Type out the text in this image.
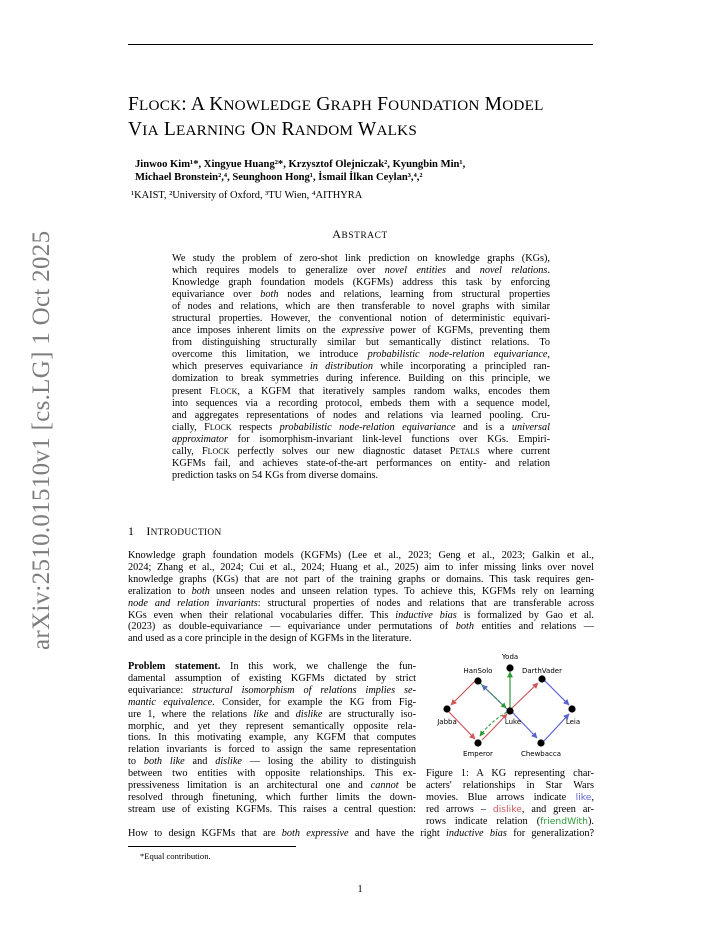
arXiv:2510.01510v1 [cs.LG] 1 Oct 2025
FLOCK: A KNOWLEDGE GRAPH FOUNDATION MODEL
VIA LEARNING ON RANDOM WALKS
Jinwoo Kim¹*, Xingyue Huang²*, Krzysztof Olejniczak², Kyungbin Min¹,
Michael Bronstein²,⁴, Seunghoon Hong¹, İsmail İlkan Ceylan³,⁴,²
¹KAIST, ²University of Oxford, ³TU Wien, ⁴AITHYRA
ABSTRACT
We study the problem of zero-shot link prediction on knowledge graphs (KGs),
which requires models to generalize over novel entities and novel relations.
Knowledge graph foundation models (KGFMs) address this task by enforcing
equivariance over both nodes and relations, learning from structural properties
of nodes and relations, which are then transferable to novel graphs with similar
structural properties. However, the conventional notion of deterministic equivari-
ance imposes inherent limits on the expressive power of KGFMs, preventing them
from distinguishing structurally similar but semantically distinct relations. To
overcome this limitation, we introduce probabilistic node-relation equivariance,
which preserves equivariance in distribution while incorporating a principled ran-
domization to break symmetries during inference. Building on this principle, we
present FLOCK, a KGFM that iteratively samples random walks, encodes them
into sequences via a recording protocol, embeds them with a sequence model,
and aggregates representations of nodes and relations via learned pooling. Cru-
cially, FLOCK respects probabilistic node-relation equivariance and is a universal
approximator for isomorphism-invariant link-level functions over KGs. Empiri-
cally, FLOCK perfectly solves our new diagnostic dataset PETALS where current
KGFMs fail, and achieves state-of-the-art performances on entity- and relation
prediction tasks on 54 KGs from diverse domains.
1 INTRODUCTION
Knowledge graph foundation models (KGFMs) (Lee et al., 2023; Geng et al., 2023; Galkin et al.,
2024; Zhang et al., 2024; Cui et al., 2024; Huang et al., 2025) aim to infer missing links over novel
knowledge graphs (KGs) that are not part of the training graphs or domains. This task requires gen-
eralization to both unseen nodes and unseen relation types. To achieve this, KGFMs rely on learning
node and relation invariants: structural properties of nodes and relations that are transferable across
KGs even when their relational vocabularies differ. This inductive bias is formalized by Gao et al.
(2023) as double-equivariance — equivariance under permutations of both entities and relations —
and used as a core principle in the design of KGFMs in the literature.
Problem statement. In this work, we challenge the fun-
damental assumption of existing KGFMs dictated by strict
equivariance: structural isomorphism of relations implies se-
mantic equivalence. Consider, for example the KG from Fig-
ure 1, where the relations like and dislike are structurally iso-
morphic, and yet they represent semantically opposite rela-
tions. In this motivating example, any KGFM that computes
relation invariants is forced to assign the same representation
to both like and dislike — losing the ability to distinguish
between two entities with opposite relationships. This ex-
pressiveness limitation is an architectural one and cannot be
resolved through finetuning, which further limits the down-
stream use of existing KGFMs. This raises a central question:
How to design KGFMs that are both expressive and have the right inductive bias for generalization?
Yoda
HanSolo	DarthVader
Jabba	Luke	Leia
Emperor	Chewbacca
Figure 1: A KG representing char-
acters' relationships in Star Wars
movies. Blue arrows indicate like,
red arrows – dislike, and green ar-
rows indicate relation (friendWith).
*Equal contribution.
1
